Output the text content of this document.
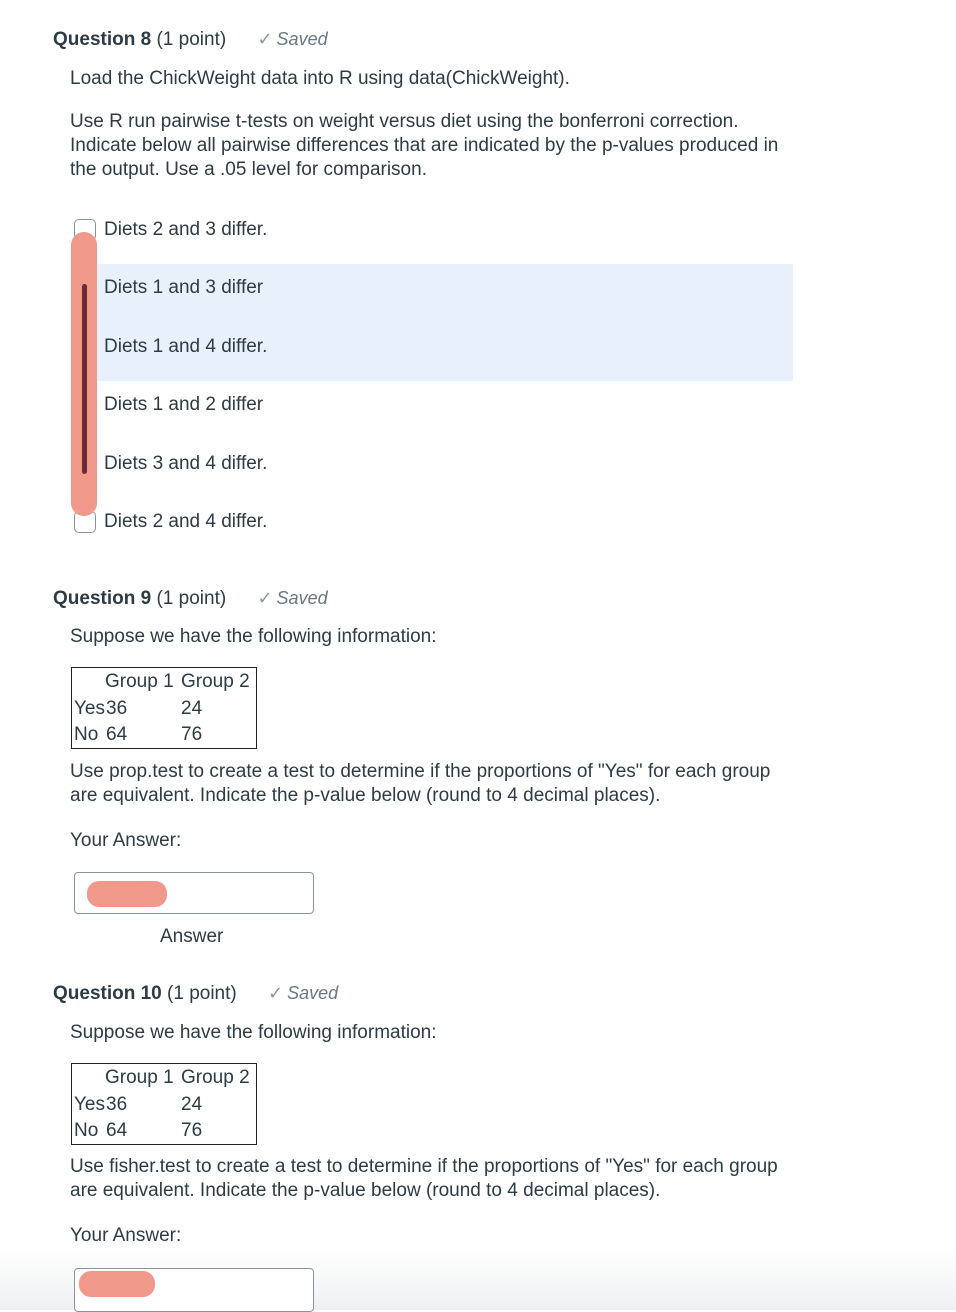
Question 8 (1 point) ✓ Saved

Load the ChickWeight data into R using data(ChickWeight).

Use R run pairwise t-tests on weight versus diet using the bonferroni correction. Indicate below all pairwise differences that are indicated by the p-values produced in the output. Use a .05 level for comparison.

Diets 2 and 3 differ.
Diets 1 and 3 differ
Diets 1 and 4 differ.
Diets 1 and 2 differ
Diets 3 and 4 differ.
Diets 2 and 4 differ.
Question 9 (1 point) ✓ Saved

Suppose we have the following information:

Group 1 Group 2
Yes 36	24
No 64	76

Use prop.test to create a test to determine if the proportions of "Yes" for each group are equivalent. Indicate the p-value below (round to 4 decimal places).

Your Answer:

Answer
Question 10 (1 point) ✓ Saved

Suppose we have the following information:

Group 1 Group 2
Yes 36	24
No 64	76

Use fisher.test to create a test to determine if the proportions of "Yes" for each group are equivalent. Indicate the p-value below (round to 4 decimal places).

Your Answer:
